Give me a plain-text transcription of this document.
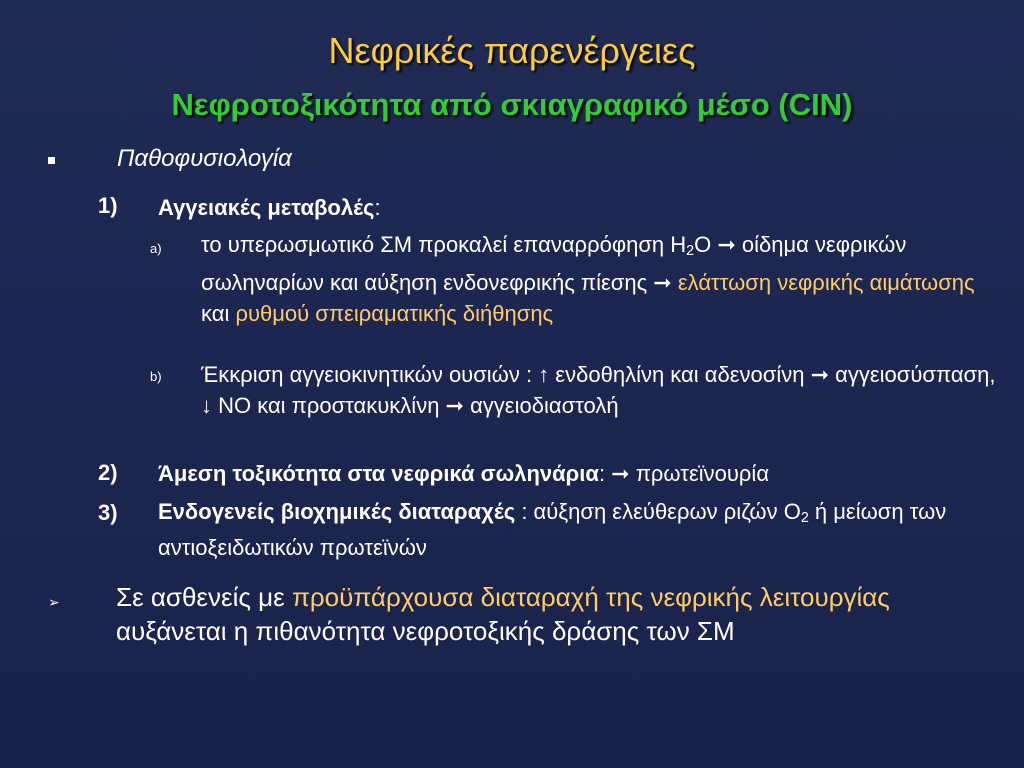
Νεφρικές παρενέργειες
Νεφροτοξικότητα από σκιαγραφικό μέσο (CIN)
Παθοφυσιολογία
1) Αγγειακές μεταβολές:
a) το υπερωσμωτικό ΣΜ προκαλεί επαναρρόφηση $H_2O$ ➞ οίδημα νεφρικών σωληναρίων και αύξηση ενδονεφρικής πίεσης ➞ ελάττωση νεφρικής αιμάτωσης και ρυθμού σπειραματικής διήθησης
b) Έκκριση αγγειοκινητικών ουσιών : ↑ ενδοθηλίνη και αδενοσίνη ➞ αγγειοσύσπαση, ↓ ΝΟ και προστακυκλίνη ➞ αγγειοδιαστολή
2) Άμεση τοξικότητα στα νεφρικά σωληνάρια: ➞ πρωτεϊνουρία
3) Ενδογενείς βιοχημικές διαταραχές : αύξηση ελεύθερων ριζών $O_2$ ή μείωση των αντιοξειδωτικών πρωτεϊνών
➢ Σε ασθενείς με προϋπάρχουσα διαταραχή της νεφρικής λειτουργίας αυξάνεται η πιθανότητα νεφροτοξικής δράσης των ΣΜ
